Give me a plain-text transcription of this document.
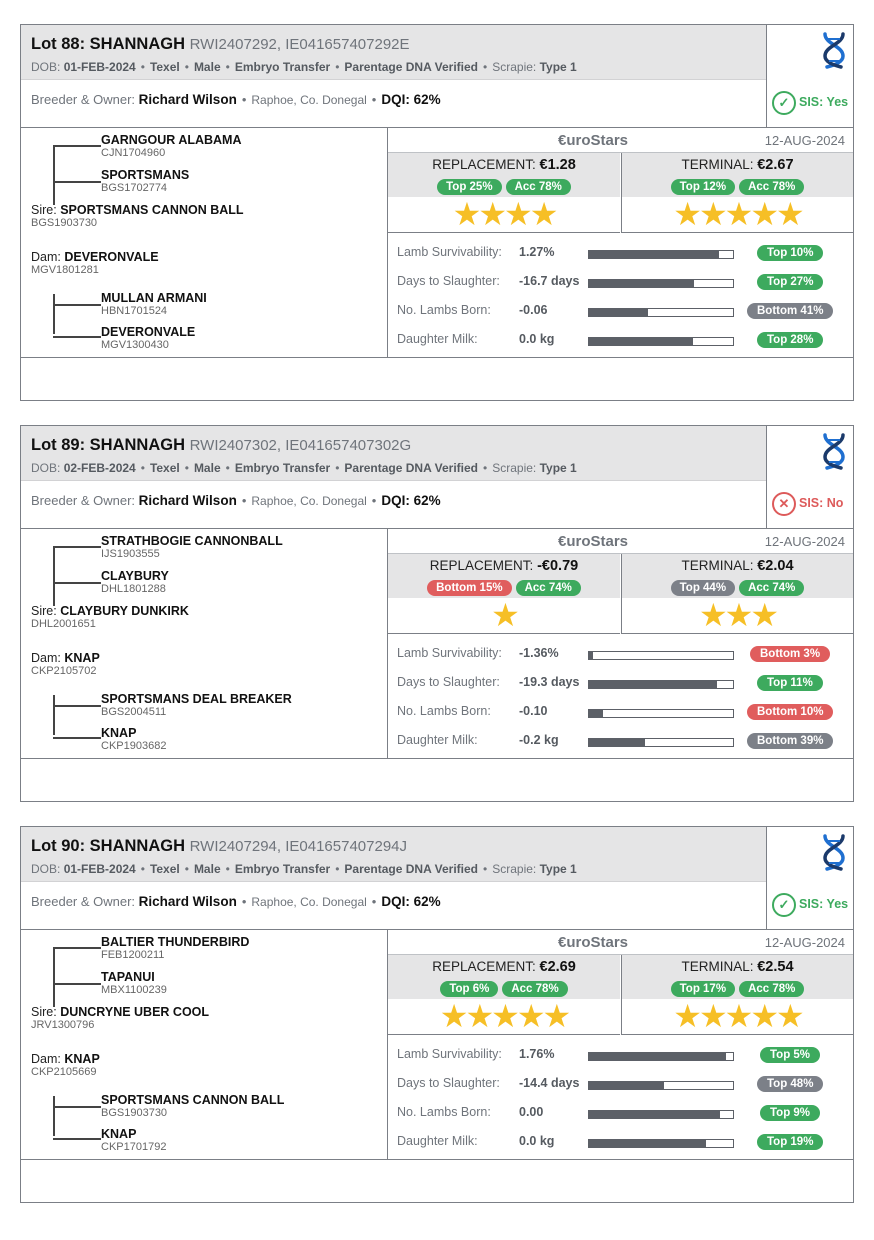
Lot 88: SHANNAGH RWI2407292, IE041657407292E
DOB: 01-FEB-2024 • Texel • Male • Embryo Transfer • Parentage DNA Verified • Scrapie: Type 1
Breeder & Owner: Richard Wilson • Raphoe, Co. Donegal • DQI: 62%	✓ SIS: Yes
GARNGOUR ALABAMA
CJN1704960
SPORTSMANS
BGS1702774
Sire: SPORTSMANS CANNON BALL
BGS1903730
Dam: DEVERONVALE
MGV1801281
MULLAN ARMANI
HBN1701524
DEVERONVALE
MGV1300430
€uroStars	12-AUG-2024
REPLACEMENT: €1.28
Top 25% Acc 78%
★★★★
TERMINAL: €2.67
Top 12% Acc 78%
★★★★★
Lamb Survivability: 1.27%	Top 10%
Days to Slaughter: -16.7 days	Top 27%
No. Lambs Born: -0.06	Bottom 41%
Daughter Milk:	0.0 kg	Top 28%
Lot 89: SHANNAGH RWI2407302, IE041657407302G
DOB: 02-FEB-2024 • Texel • Male • Embryo Transfer • Parentage DNA Verified • Scrapie: Type 1
Breeder & Owner: Richard Wilson • Raphoe, Co. Donegal • DQI: 62%	✕ SIS: No
STRATHBOGIE CANNONBALL
IJS1903555
CLAYBURY
DHL1801288
Sire: CLAYBURY DUNKIRK
DHL2001651
Dam: KNAP
CKP2105702
SPORTSMANS DEAL BREAKER
BGS2004511
KNAP
CKP1903682
€uroStars	12-AUG-2024
REPLACEMENT: -€0.79
Bottom 15% Acc 74%
★
TERMINAL: €2.04
Top 44% Acc 74%
★★★
Lamb Survivability: -1.36%	Bottom 3%
Days to Slaughter: -19.3 days	Top 11%
No. Lambs Born: -0.10	Bottom 10%
Daughter Milk:	-0.2 kg	Bottom 39%
Lot 90: SHANNAGH RWI2407294, IE041657407294J
DOB: 01-FEB-2024 • Texel • Male • Embryo Transfer • Parentage DNA Verified • Scrapie: Type 1
Breeder & Owner: Richard Wilson • Raphoe, Co. Donegal • DQI: 62%	✓ SIS: Yes
BALTIER THUNDERBIRD
FEB1200211
TAPANUI
MBX1100239
Sire: DUNCRYNE UBER COOL
JRV1300796
Dam: KNAP
CKP2105669
SPORTSMANS CANNON BALL
BGS1903730
KNAP
CKP1701792
€uroStars	12-AUG-2024
REPLACEMENT: €2.69
Top 6% Acc 78%
★★★★★
TERMINAL: €2.54
Top 17% Acc 78%
★★★★★
Lamb Survivability: 1.76%	Top 5%
Days to Slaughter: -14.4 days	Top 48%
No. Lambs Born: 0.00	Top 9%
Daughter Milk:	0.0 kg	Top 19%
